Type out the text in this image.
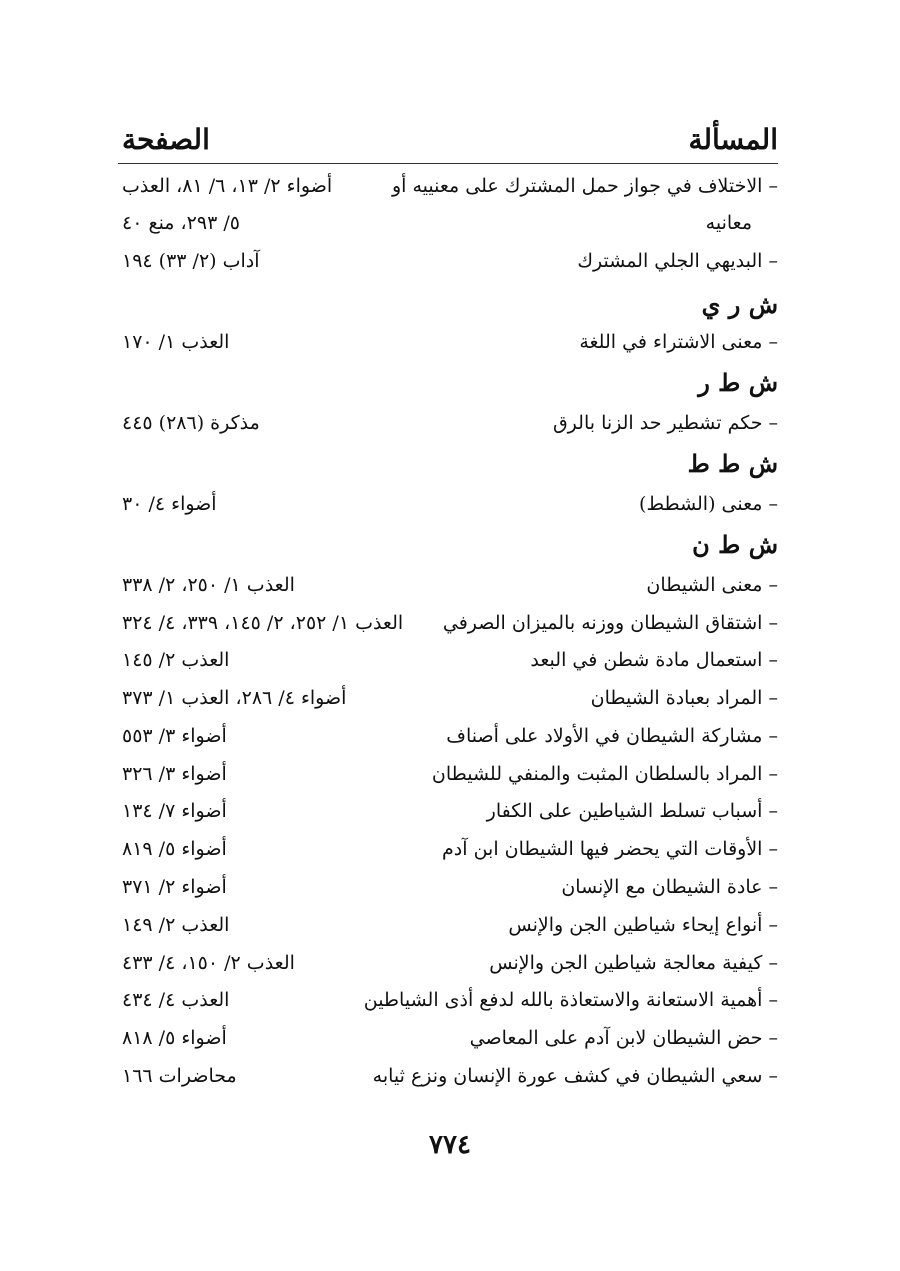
المسألة
الصفحة
– الاختلاف في جواز حمل المشترك على معنييه أو
أضواء ٢/ ١٣، ٦/ ٨١، العذب
معانيه
٥/ ٢٩٣، منع ٤٠
– البديهي الجلي المشترك
آداب (٢/ ٣٣) ١٩٤
ش ر ي
– معنى الاشتراء في اللغة
العذب ١/ ١٧٠
ش ط ر
– حكم تشطير حد الزنا بالرق
مذكرة (٢٨٦) ٤٤٥
ش ط ط
– معنى (الشطط)
أضواء ٤/ ٣٠
ش ط ن
– معنى الشيطان
العذب ١/ ٢٥٠، ٢/ ٣٣٨
– اشتقاق الشيطان ووزنه بالميزان الصرفي
العذب ١/ ٢٥٢، ٢/ ١٤٥، ٣٣٩، ٤/ ٣٢٤
– استعمال مادة شطن في البعد
العذب ٢/ ١٤٥
– المراد بعبادة الشيطان
أضواء ٤/ ٢٨٦، العذب ١/ ٣٧٣
– مشاركة الشيطان في الأولاد على أصناف
أضواء ٣/ ٥٥٣
– المراد بالسلطان المثبت والمنفي للشيطان
أضواء ٣/ ٣٢٦
– أسباب تسلط الشياطين على الكفار
أضواء ٧/ ١٣٤
– الأوقات التي يحضر فيها الشيطان ابن آدم
أضواء ٥/ ٨١٩
– عادة الشيطان مع الإنسان
أضواء ٢/ ٣٧١
– أنواع إيحاء شياطين الجن والإنس
العذب ٢/ ١٤٩
– كيفية معالجة شياطين الجن والإنس
العذب ٢/ ١٥٠، ٤/ ٤٣٣
– أهمية الاستعانة والاستعاذة بالله لدفع أذى الشياطين
العذب ٤/ ٤٣٤
– حض الشيطان لابن آدم على المعاصي
أضواء ٥/ ٨١٨
– سعي الشيطان في كشف عورة الإنسان ونزع ثيابه
محاضرات ١٦٦
٧٧٤
